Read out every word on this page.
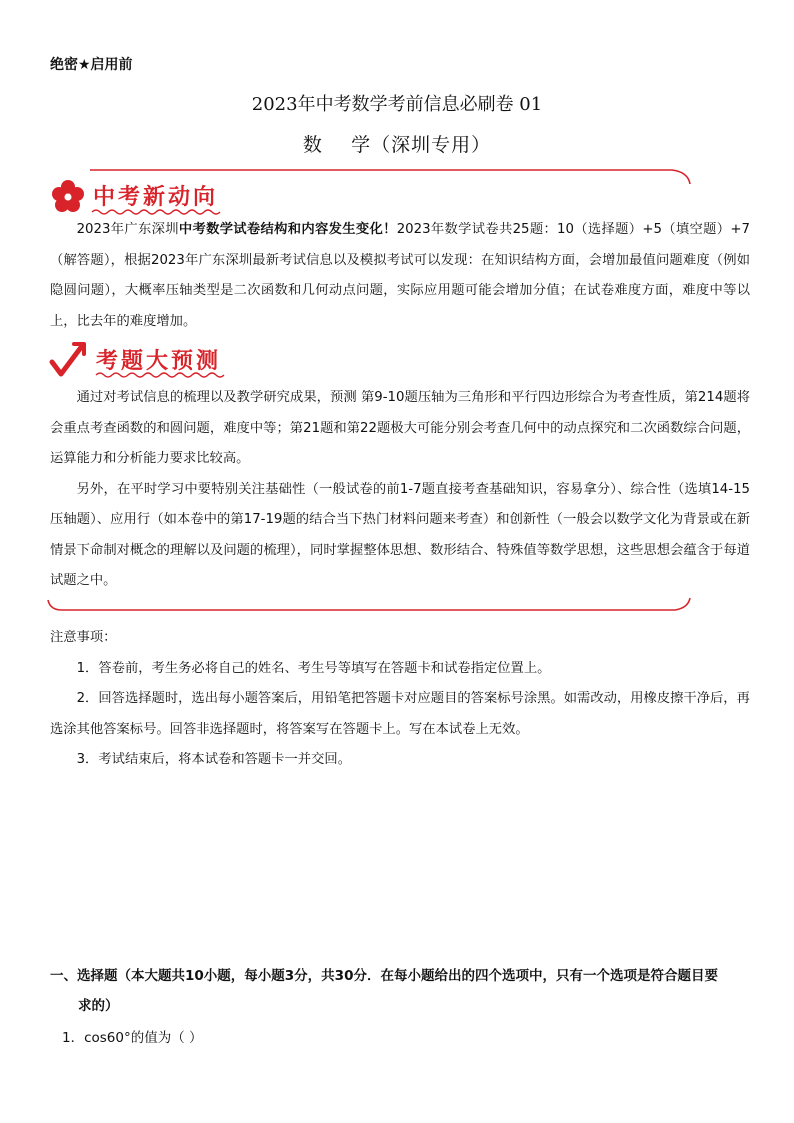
绝密★启用前
2023年中考数学考前信息必刷卷 01
数    学（深圳专用）
中考新动向

2023年广东深圳中考数学试卷结构和内容发生变化！2023年数学试卷共25题：10（选择题）+5（填空题）+7（解答题），根据2023年广东深圳最新考试信息以及模拟考试可以发现：在知识结构方面，会增加最值问题难度（例如隐圆问题），大概率压轴类型是二次函数和几何动点问题，实际应用题可能会增加分值；在试卷难度方面，难度中等以上，比去年的难度增加。

考题大预测

通过对考试信息的梳理以及教学研究成果，预测 第9-10题压轴为三角形和平行四边形综合为考查性质，第214题将会重点考查函数的和圆问题，难度中等；第21题和第22题极大可能分别会考查几何中的动点探究和二次函数综合问题，运算能力和分析能力要求比较高。

另外，在平时学习中要特别关注基础性（一般试卷的前1-7题直接考查基础知识，容易拿分）、综合性（选填14-15压轴题）、应用行（如本卷中的第17-19题的结合当下热门材料问题来考查）和创新性（一般会以数学文化为背景或在新情景下命制对概念的理解以及问题的梳理），同时掌握整体思想、数形结合、特殊值等数学思想，这些思想会蕴含于每道试题之中。

注意事项：

1．答卷前，考生务必将自己的姓名、考生号等填写在答题卡和试卷指定位置上。

2．回答选择题时，选出每小题答案后，用铅笔把答题卡对应题目的答案标号涂黑。如需改动，用橡皮擦干净后，再选涂其他答案标号。回答非选择题时，将答案写在答题卡上。写在本试卷上无效。

3．考试结束后，将本试卷和答题卡一并交回。

一、选择题（本大题共10小题，每小题3分，共30分．在每小题给出的四个选项中，只有一个选项是符合题目要
求的）
1．cos60°的值为（ ）
